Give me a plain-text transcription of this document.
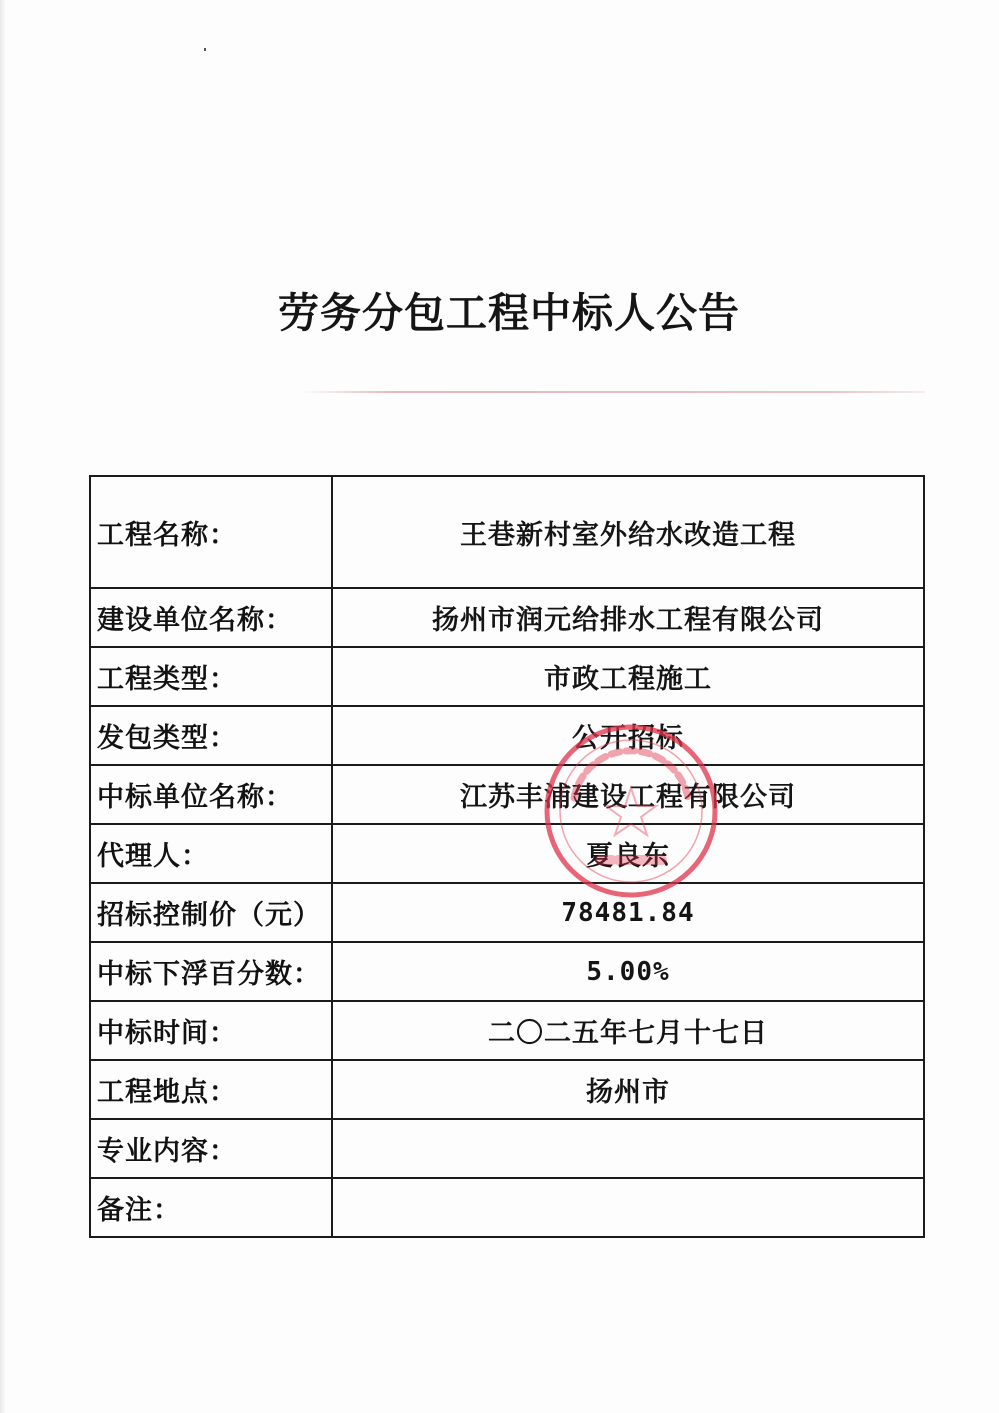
劳务分包工程中标人公告
工程名称：	王巷新村室外给水改造工程
建设单位名称：	扬州市润元给排水工程有限公司
工程类型：	市政工程施工
发包类型：	公开招标
中标单位名称：	江苏丰浦建设工程有限公司
代理人：	夏良东
招标控制价（元）	78481.84
中标下浮百分数：	5.00%
中标时间：	二〇二五年七月十七日
工程地点：	扬州市
专业内容：	
备注：	
